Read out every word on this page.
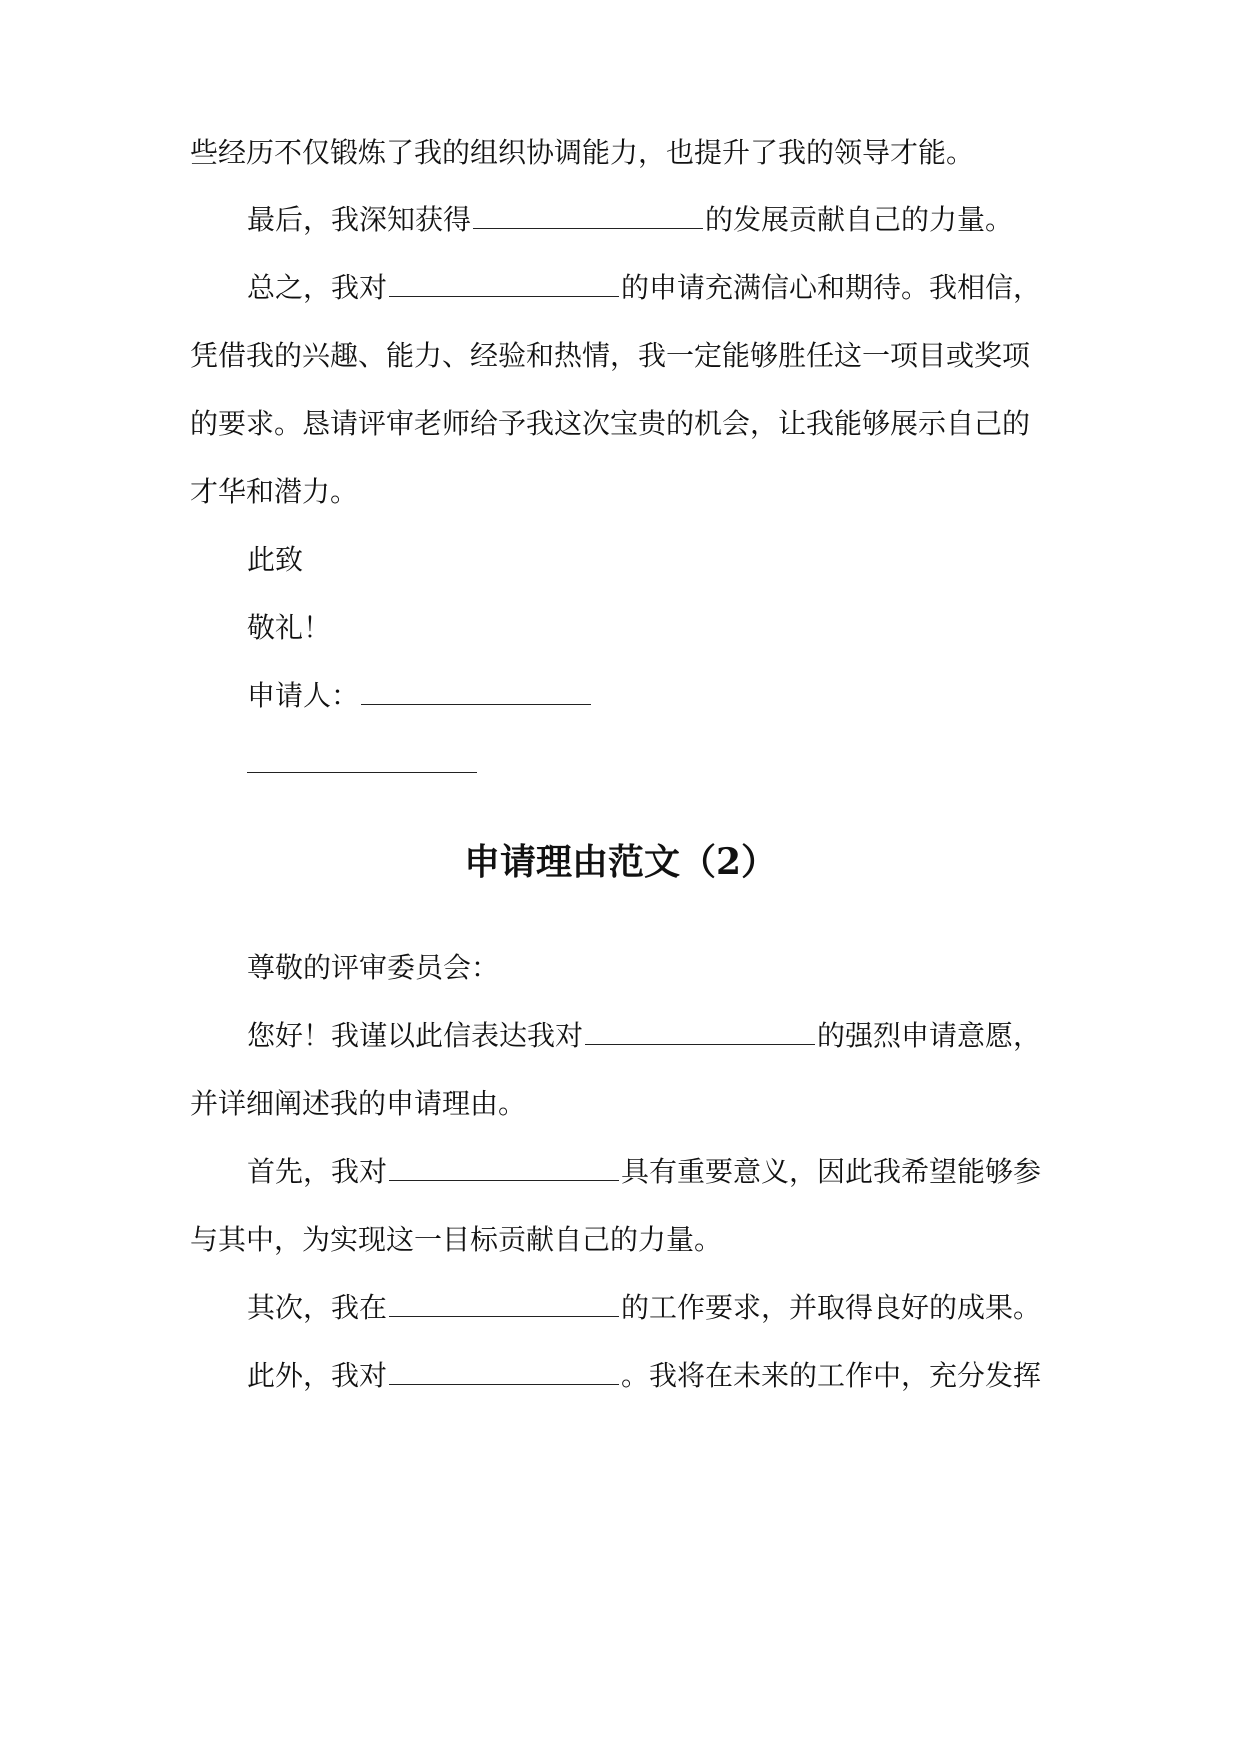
些经历不仅锻炼了我的组织协调能力，也提升了我的领导才能。
最后，我深知获得	的发展贡献自己的力量。
总之，我对	的申请充满信心和期待。我相信，
凭借我的兴趣、能力、经验和热情，我一定能够胜任这一项目或奖项
的要求。恳请评审老师给予我这次宝贵的机会，让我能够展示自己的
才华和潜力。
此致
敬礼！
申请人：
申请理由范文（2）
尊敬的评审委员会：
您好！我谨以此信表达我对	的强烈申请意愿，
并详细阐述我的申请理由。
首先，我对	具有重要意义，因此我希望能够参
与其中，为实现这一目标贡献自己的力量。
其次，我在	的工作要求，并取得良好的成果。
此外，我对	。我将在未来的工作中，充分发挥
